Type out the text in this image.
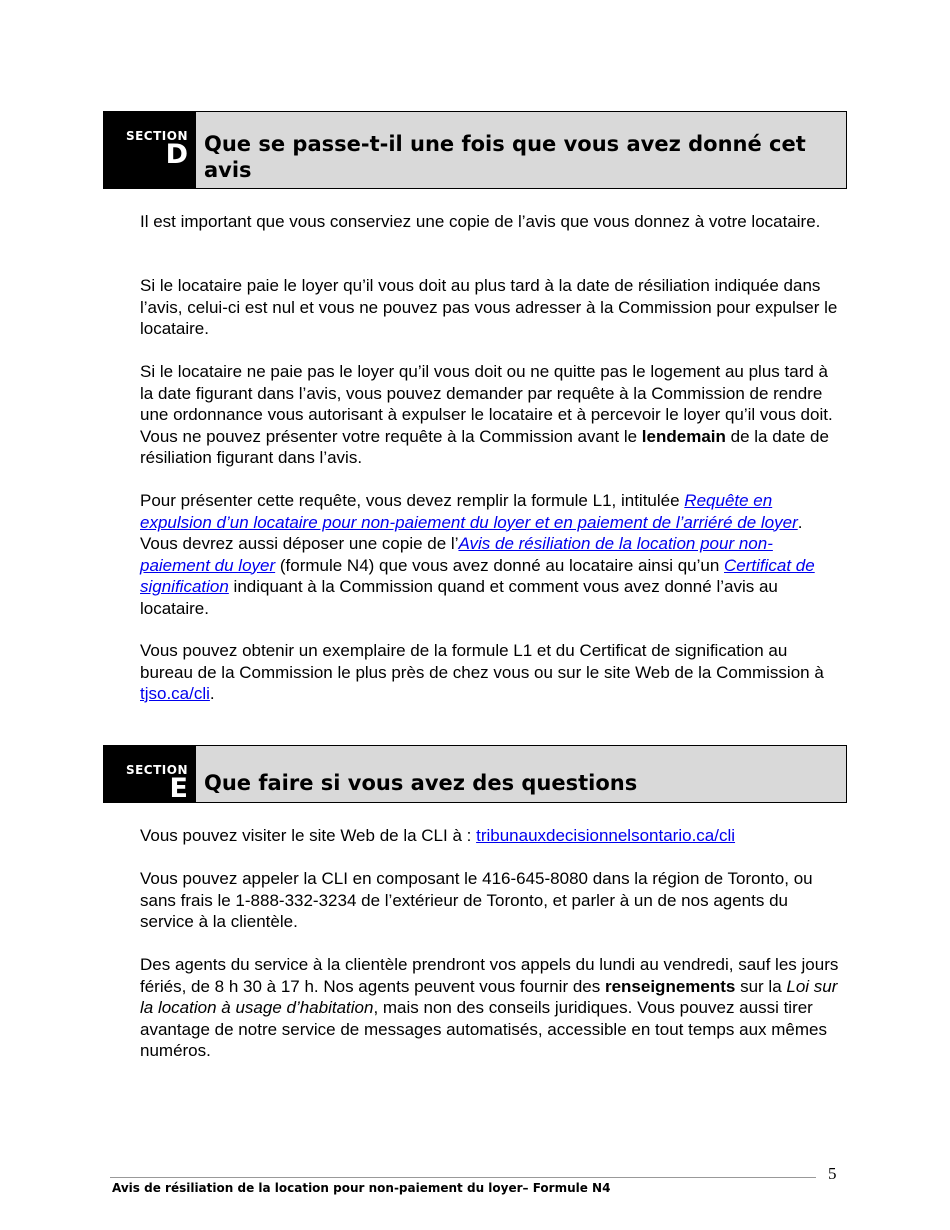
SECTION
D Que se passe-t-il une fois que vous avez donné cet avis

Il est important que vous conserviez une copie de l’avis que vous donnez à votre locataire.

Si le locataire paie le loyer qu’il vous doit au plus tard à la date de résiliation indiquée dans l’avis, celui-ci est nul et vous ne pouvez pas vous adresser à la Commission pour expulser le locataire.

Si le locataire ne paie pas le loyer qu’il vous doit ou ne quitte pas le logement au plus tard à la date figurant dans l’avis, vous pouvez demander par requête à la Commission de rendre une ordonnance vous autorisant à expulser le locataire et à percevoir le loyer qu’il vous doit. Vous ne pouvez présenter votre requête à la Commission avant le lendemain de la date de résiliation figurant dans l’avis.

Pour présenter cette requête, vous devez remplir la formule L1, intitulée Requête en expulsion d’un locataire pour non-paiement du loyer et en paiement de l’arriéré de loyer. Vous devrez aussi déposer une copie de l’Avis de résiliation de la location pour non-paiement du loyer (formule N4) que vous avez donné au locataire ainsi qu’un Certificat de signification indiquant à la Commission quand et comment vous avez donné l’avis au locataire.

Vous pouvez obtenir un exemplaire de la formule L1 et du Certificat de signification au bureau de la Commission le plus près de chez vous ou sur le site Web de la Commission à tjso.ca/cli.

SECTION
E Que faire si vous avez des questions

Vous pouvez visiter le site Web de la CLI à : tribunauxdecisionnelsontario.ca/cli

Vous pouvez appeler la CLI en composant le 416-645-8080 dans la région de Toronto, ou sans frais le 1-888-332-3234 de l’extérieur de Toronto, et parler à un de nos agents du service à la clientèle.

Des agents du service à la clientèle prendront vos appels du lundi au vendredi, sauf les jours fériés, de 8 h 30 à 17 h. Nos agents peuvent vous fournir des renseignements sur la Loi sur la location à usage d’habitation, mais non des conseils juridiques. Vous pouvez aussi tirer avantage de notre service de messages automatisés, accessible en tout temps aux mêmes numéros.

5
Avis de résiliation de la location pour non-paiement du loyer– Formule N4
